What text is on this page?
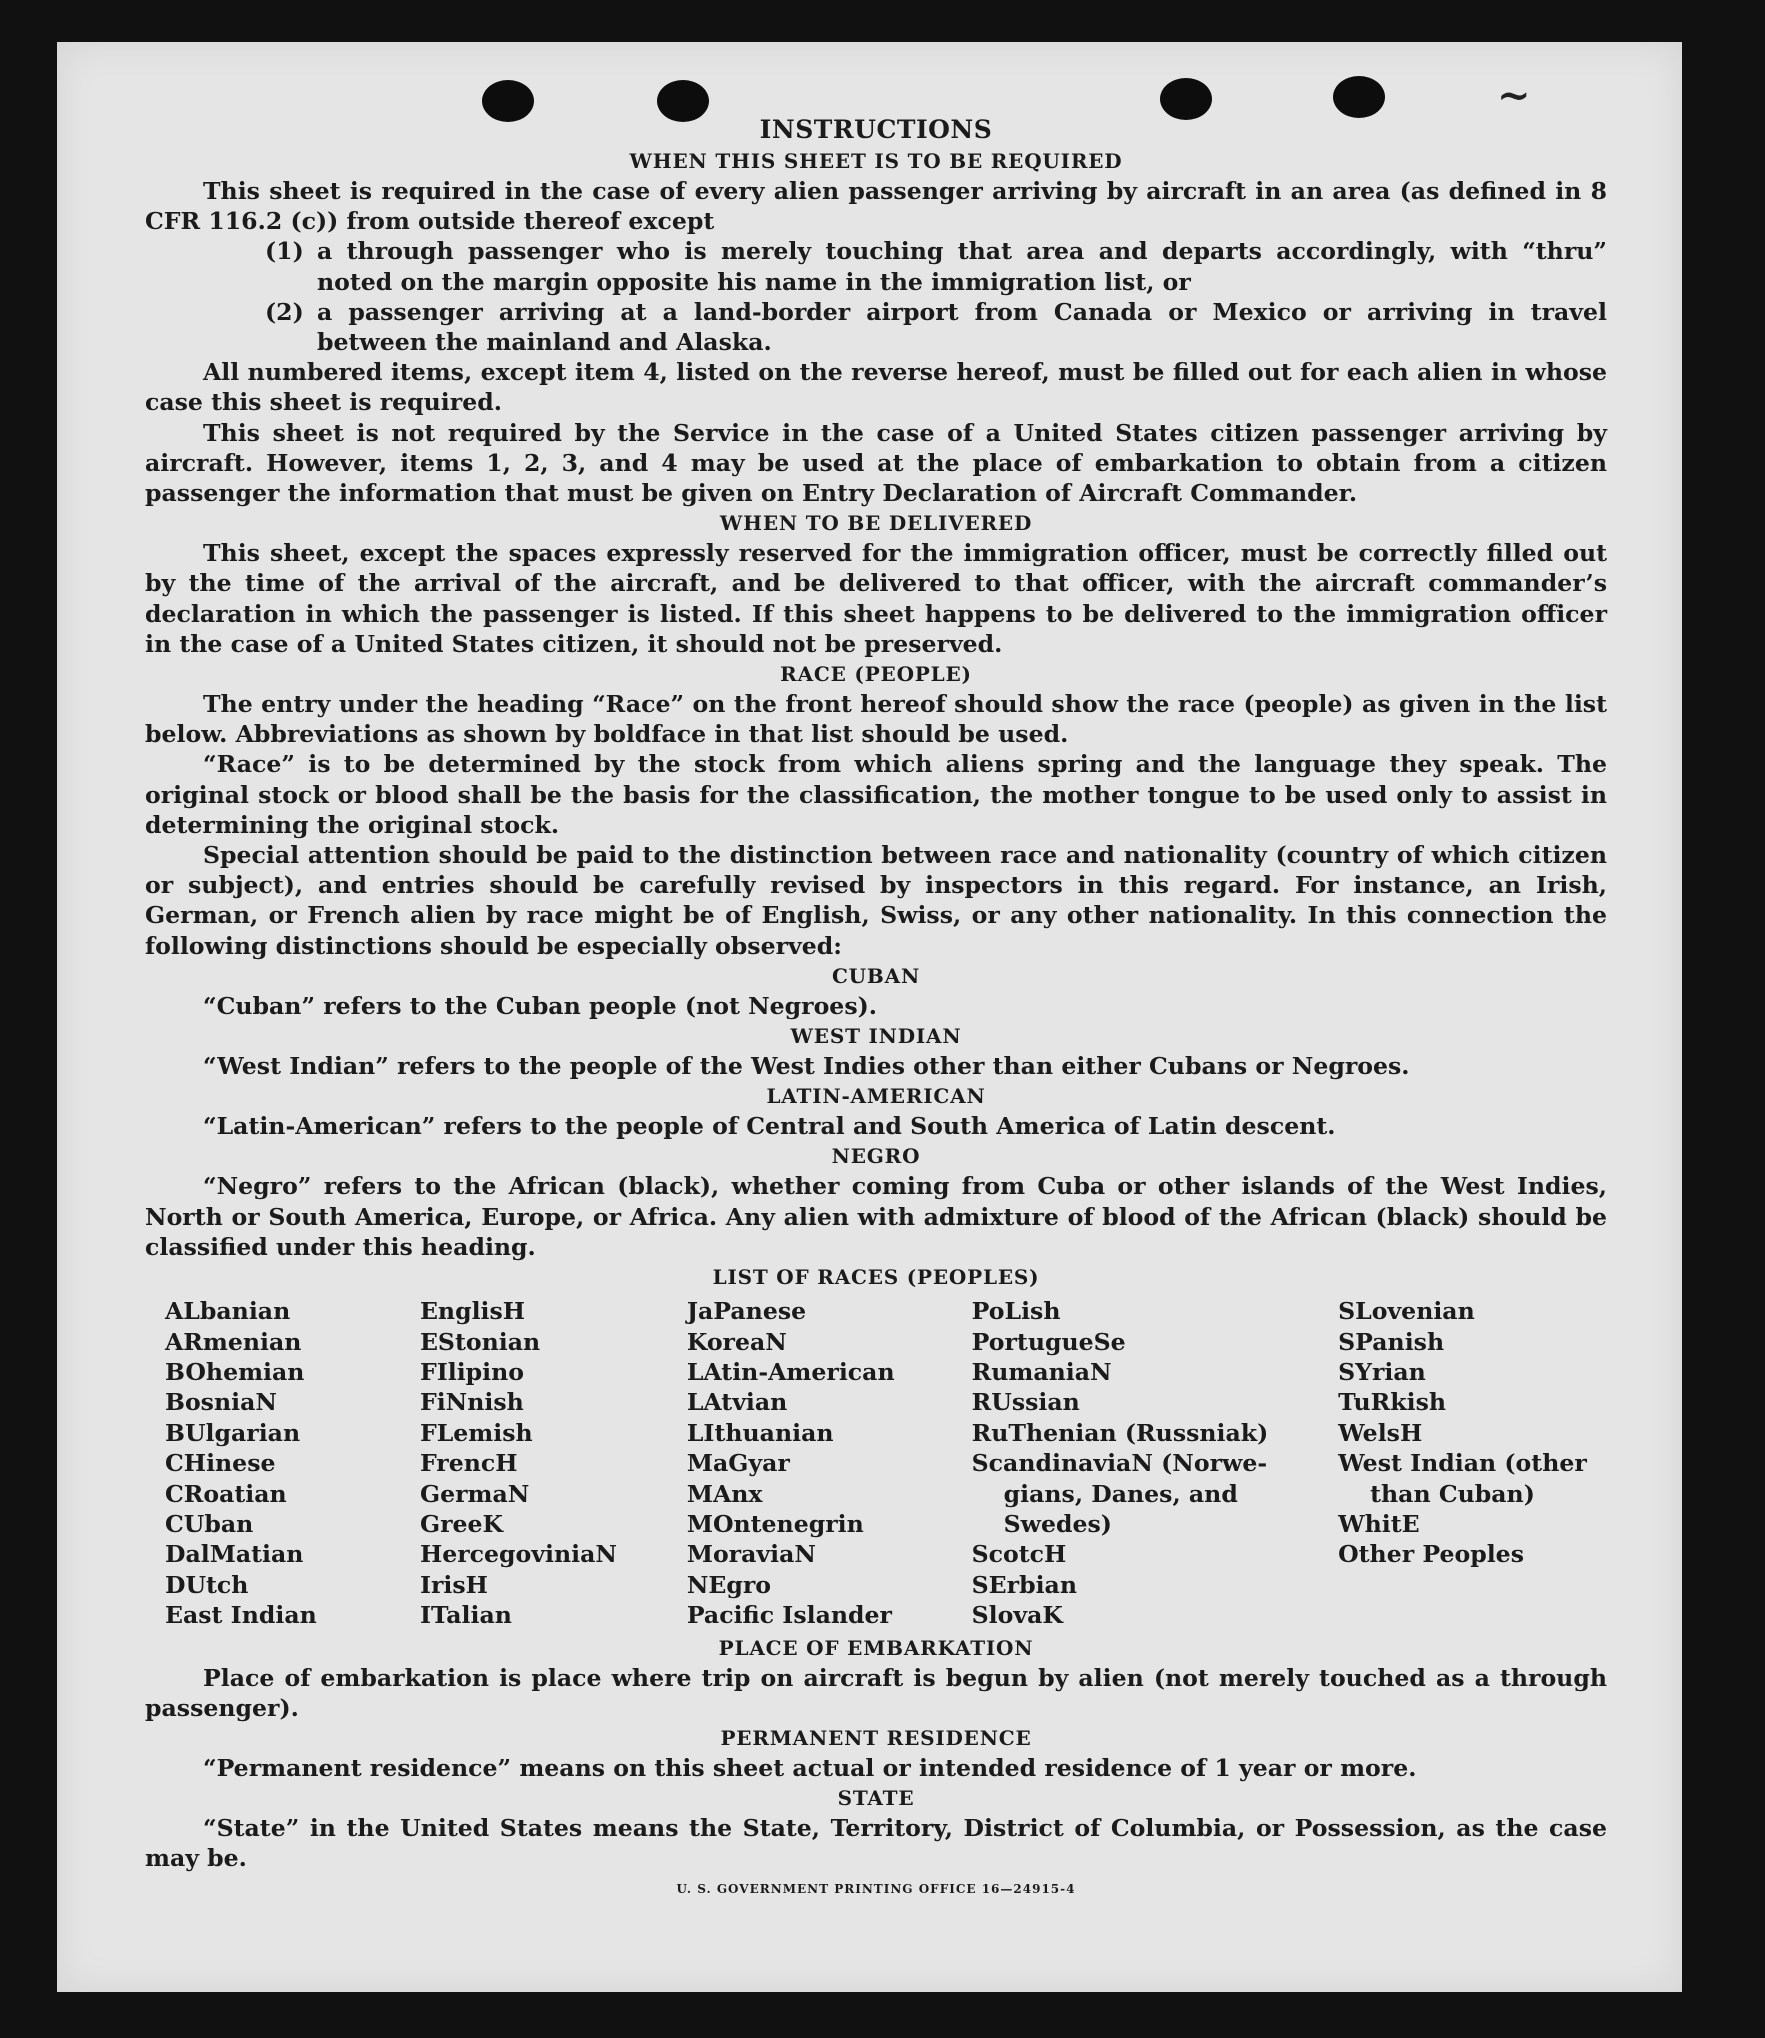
~
INSTRUCTIONS
WHEN THIS SHEET IS TO BE REQUIRED

This sheet is required in the case of every alien passenger arriving by aircraft in an area (as defined in 8 CFR 116.2 (c)) from outside thereof except

(1) a through passenger who is merely touching that area and departs accordingly, with “thru” noted on the margin opposite his name in the immigration list, or
(2) a passenger arriving at a land-border airport from Canada or Mexico or arriving in travel between the mainland and Alaska.

All numbered items, except item 4, listed on the reverse hereof, must be filled out for each alien in whose case this sheet is required.

This sheet is not required by the Service in the case of a United States citizen passenger arriving by aircraft. However, items 1, 2, 3, and 4 may be used at the place of embarkation to obtain from a citizen passenger the information that must be given on Entry Declaration of Aircraft Commander.

WHEN TO BE DELIVERED

This sheet, except the spaces expressly reserved for the immigration officer, must be correctly filled out by the time of the arrival of the aircraft, and be delivered to that officer, with the aircraft commander’s declaration in which the passenger is listed. If this sheet happens to be delivered to the immigration officer in the case of a United States citizen, it should not be preserved.

RACE (PEOPLE)

The entry under the heading “Race” on the front hereof should show the race (people) as given in the list below. Abbreviations as shown by boldface in that list should be used.

“Race” is to be determined by the stock from which aliens spring and the language they speak. The original stock or blood shall be the basis for the classification, the mother tongue to be used only to assist in determining the original stock.

Special attention should be paid to the distinction between race and nationality (country of which citizen or subject), and entries should be carefully revised by inspectors in this regard. For instance, an Irish, German, or French alien by race might be of English, Swiss, or any other nationality. In this connection the following distinctions should be especially observed:

CUBAN

“Cuban” refers to the Cuban people (not Negroes).

WEST INDIAN

“West Indian” refers to the people of the West Indies other than either Cubans or Negroes.

LATIN-AMERICAN

“Latin-American” refers to the people of Central and South America of Latin descent.

NEGRO

“Negro” refers to the African (black), whether coming from Cuba or other islands of the West Indies, North or South America, Europe, or Africa. Any alien with admixture of blood of the African (black) should be classified under this heading.

LIST OF RACES (PEOPLES)
ALbanian
ARmenian
BOhemian
BosniaN
BUlgarian
CHinese
CRoatian
CUban
DalMatian
DUtch
East Indian
EnglisH
EStonian
FIlipino
FiNnish
FLemish
FrencH
GermaN
GreeK
HercegoviniaN
IrisH
ITalian
JaPanese
KoreaN
LAtin-American
LAtvian
LIthuanian
MaGyar
MAnx
MOntenegrin
MoraviaN
NEgro
Pacific Islander
PoLish
PortugueSe
RumaniaN
RUssian
RuThenian (Russniak)
ScandinaviaN (Norwe-
gians, Danes, and
Swedes)
ScotcH
SErbian
SlovaK
SLovenian
SPanish
SYrian
TuRkish
WelsH
West Indian (other
than Cuban)
WhitE
Other Peoples
PLACE OF EMBARKATION

Place of embarkation is place where trip on aircraft is begun by alien (not merely touched as a through passenger).

PERMANENT RESIDENCE

“Permanent residence” means on this sheet actual or intended residence of 1 year or more.

STATE

“State” in the United States means the State, Territory, District of Columbia, or Possession, as the case may be.

U. S. GOVERNMENT PRINTING OFFICE 16—24915-4
